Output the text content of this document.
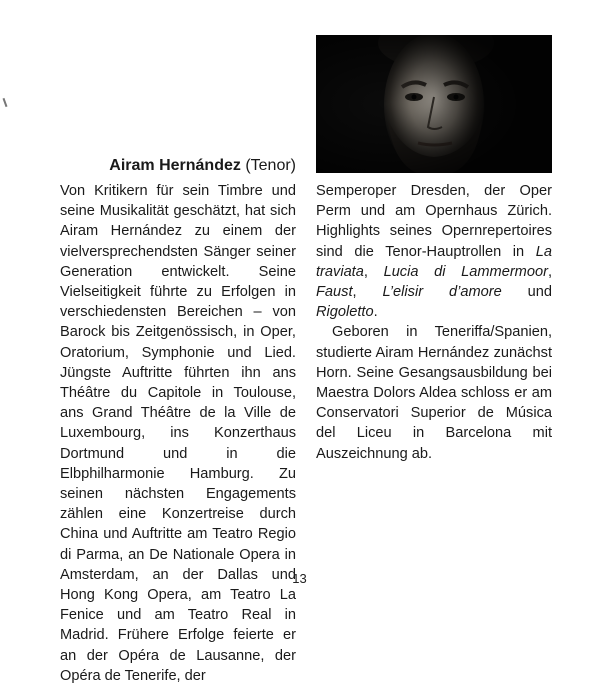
Airam Hernández (Tenor)

Von Kritikern für sein Timbre und seine Musikalität geschätzt, hat sich Airam Hernández zu einem der vielversprechendsten Sänger seiner Generation entwickelt. Seine Vielseitigkeit führte zu Erfolgen in verschiedensten Bereichen – von Barock bis Zeitgenössisch, in Oper, Oratorium, Symphonie und Lied. Jüngste Auftritte führten ihn ans Théâtre du Capitole in Toulouse, ans Grand Théâtre de la Ville de Luxembourg, ins Konzerthaus Dortmund und in die Elbphilharmonie Hamburg. Zu seinen nächsten Engagements zählen eine Konzertreise durch China und Auftritte am Teatro Regio di Parma, an De Nationale Opera in Amsterdam, an der Dallas und Hong Kong Opera, am Teatro La Fenice und am Teatro Real in Madrid. Frühere Erfolge feierte er an der Opéra de Lausanne, der Opéra de Tenerife, der

Semperoper Dresden, der Oper Perm und am Opernhaus Zürich. Highlights seines Opernrepertoires sind die Tenor-Hauptrollen in La traviata, Lucia di Lammermoor, Faust, L’elisir d’amore und Rigoletto.

Geboren in Teneriffa/Spanien, studierte Airam Hernández zunächst Horn. Seine Gesangsausbildung bei Maestra Dolors Aldea schloss er am Conservatori Superior de Música del Liceu in Barcelona mit Auszeichnung ab.

13
